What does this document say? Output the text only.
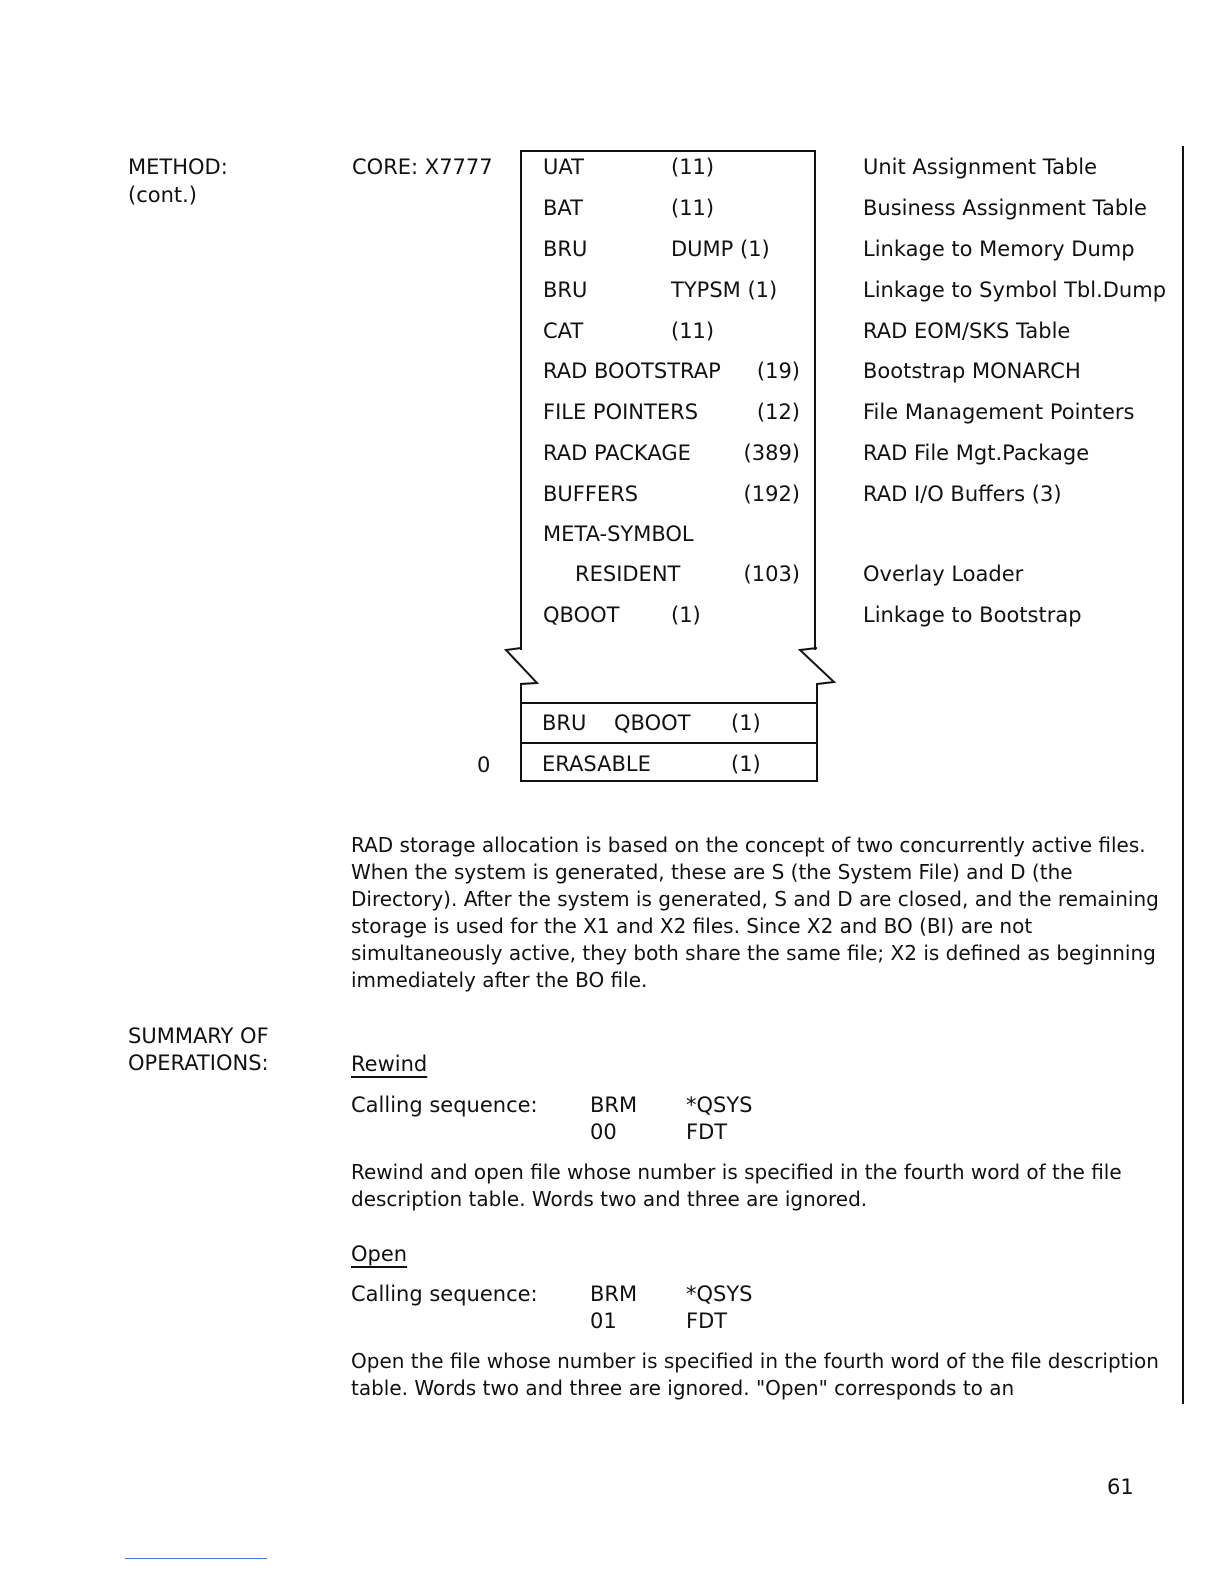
METHOD:
(cont.)
CORE: X7777 UAT	(11)	Unit Assignment Table
BAT	(11)	Business Assignment Table
BRU	DUMP (1)	Linkage to Memory Dump
BRU	TYPSM (1)	Linkage to Symbol Tbl.Dump
CAT	(11)	RAD EOM/SKS Table
RAD BOOTSTRAP	(19)	Bootstrap MONARCH
FILE POINTERS	(12)	File Management Pointers
RAD PACKAGE	(389)	RAD File Mgt.Package
BUFFERS	(192)	RAD I/O Buffers (3)
META-SYMBOL
RESIDENT	(103)	Overlay Loader
QBOOT (1)	Linkage to Bootstrap
BRU QBOOT (1)
ERASABLE	(1)
0
RAD storage allocation is based on the concept of two concurrently active files. When the system is generated, these are S (the System File) and D (the Directory). After the system is generated, S and D are closed, and the remaining storage is used for the X1 and X2 files. Since X2 and BO (BI) are not simultaneously active, they both share the same file; X2 is defined as beginning immediately after the BO file.
SUMMARY OF
OPERATIONS:	Rewind
Calling sequence: BRM *QSYS
00	FDT
Rewind and open file whose number is specified in the fourth word of the file description table. Words two and three are ignored.
Open
Calling sequence: BRM *QSYS
01	FDT
Open the file whose number is specified in the fourth word of the file description table. Words two and three are ignored. "Open" corresponds to an
61
